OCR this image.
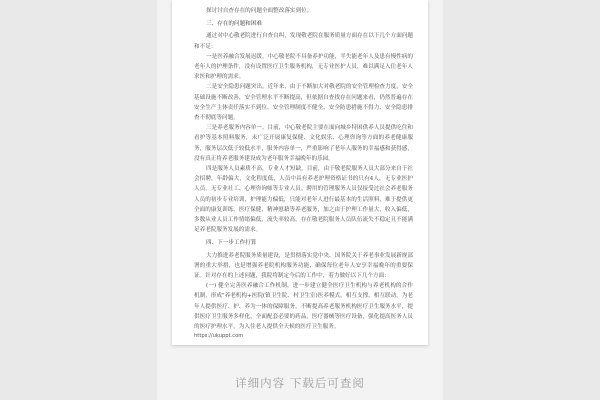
探讨讨自查存在的问题全面整改落实到位。

三、存在的问题和困难

通过对中心敬老院进行自查自纠，发现敬老院在服务质量方面存在以下几个方面问题和不足：

一是医养融合发展迟缓。中心敬老院不具备养护功能，半失能老年人及患有慢性病的老年人的护理条件，没有设置医疗卫生服务机构，无专业医护人员，难以满足入住老年人求医和护理的需求。

二是安全隐患问题突出。近年来，由于不断加大对敬老院的安全管理检查力度，安全基础设施不断改善，安全管理水平不断提高，但依据自查找存在问题来看，仍然普遍存在安全生产主体责任落实不到位、安全管理制度不健全、安全防患措施不得力、安全隐患排查不彻底等问题。

三是养老服务内容单一。目前，中心敬老院主要在面向城乡特困供养人员提供吃住和看护等基本照料服务，未广泛开展康复保健、文化娱乐、心理咨询等方面的养老健康服务，服务层次低于较低水平，服务内容单一，严重影响了老年人服务的幸福感和获得感，没有真正将养老服务建设成为老年服务幸福晚年的乐园。

四是服务人员素质不高，专业人才短缺。目前，由于敬老院服务人员大部分来自于社会招聘，年龄偏大、文化程度低，人员中具有养老护理资格证书的只有4人，无专业医护人员，无专业社工、心理咨询师等专业人员。聘用的管理服务人员仅接受过社会养老服务人员的初步专业培训，护理能力偏低，只能对老年人进行最基本的生活照料，难于提供更全面的康复训练、医疗保健、精神慰藉等养老服务，加之由于护理工作量大，收入偏低，多数从业人员工作情绪偏低，流失率较高，存在敬老院服务人员队伍流失不稳定且不能满足养老院服务发展的需求。

四、下一步工作打算

大力推进养老院服务质量建设，是贯彻落实党中央、国务院关于养老事业发展新规部署的重大举措，也是增强养老院机构服务功能、确保每位老年人安享幸福晚年的重要保证。针对存在的上述问题，我院将制定今后的工作中，着力做好以下几个方面：

(一) 健全完善医养融合工作机制，进一步建立健全医疗卫生机构与养老机构的合作机制，形成"养老机构+医院(镇卫生院、村卫生室)医养模式，相互支撑，相互联动，为老年人提供医疗、护、养为一体的保障服务，不断提高养老服务机构医疗卫生服务水平，提供医疗卫生服务多样化，全面配套必要的药品，医疗器械等医疗设备，强化提高医务人员的医疗护理水平，为入住老人提供全天候的医疗卫生服务。

https://ukuppt.com
详细内容 下载后可查阅
